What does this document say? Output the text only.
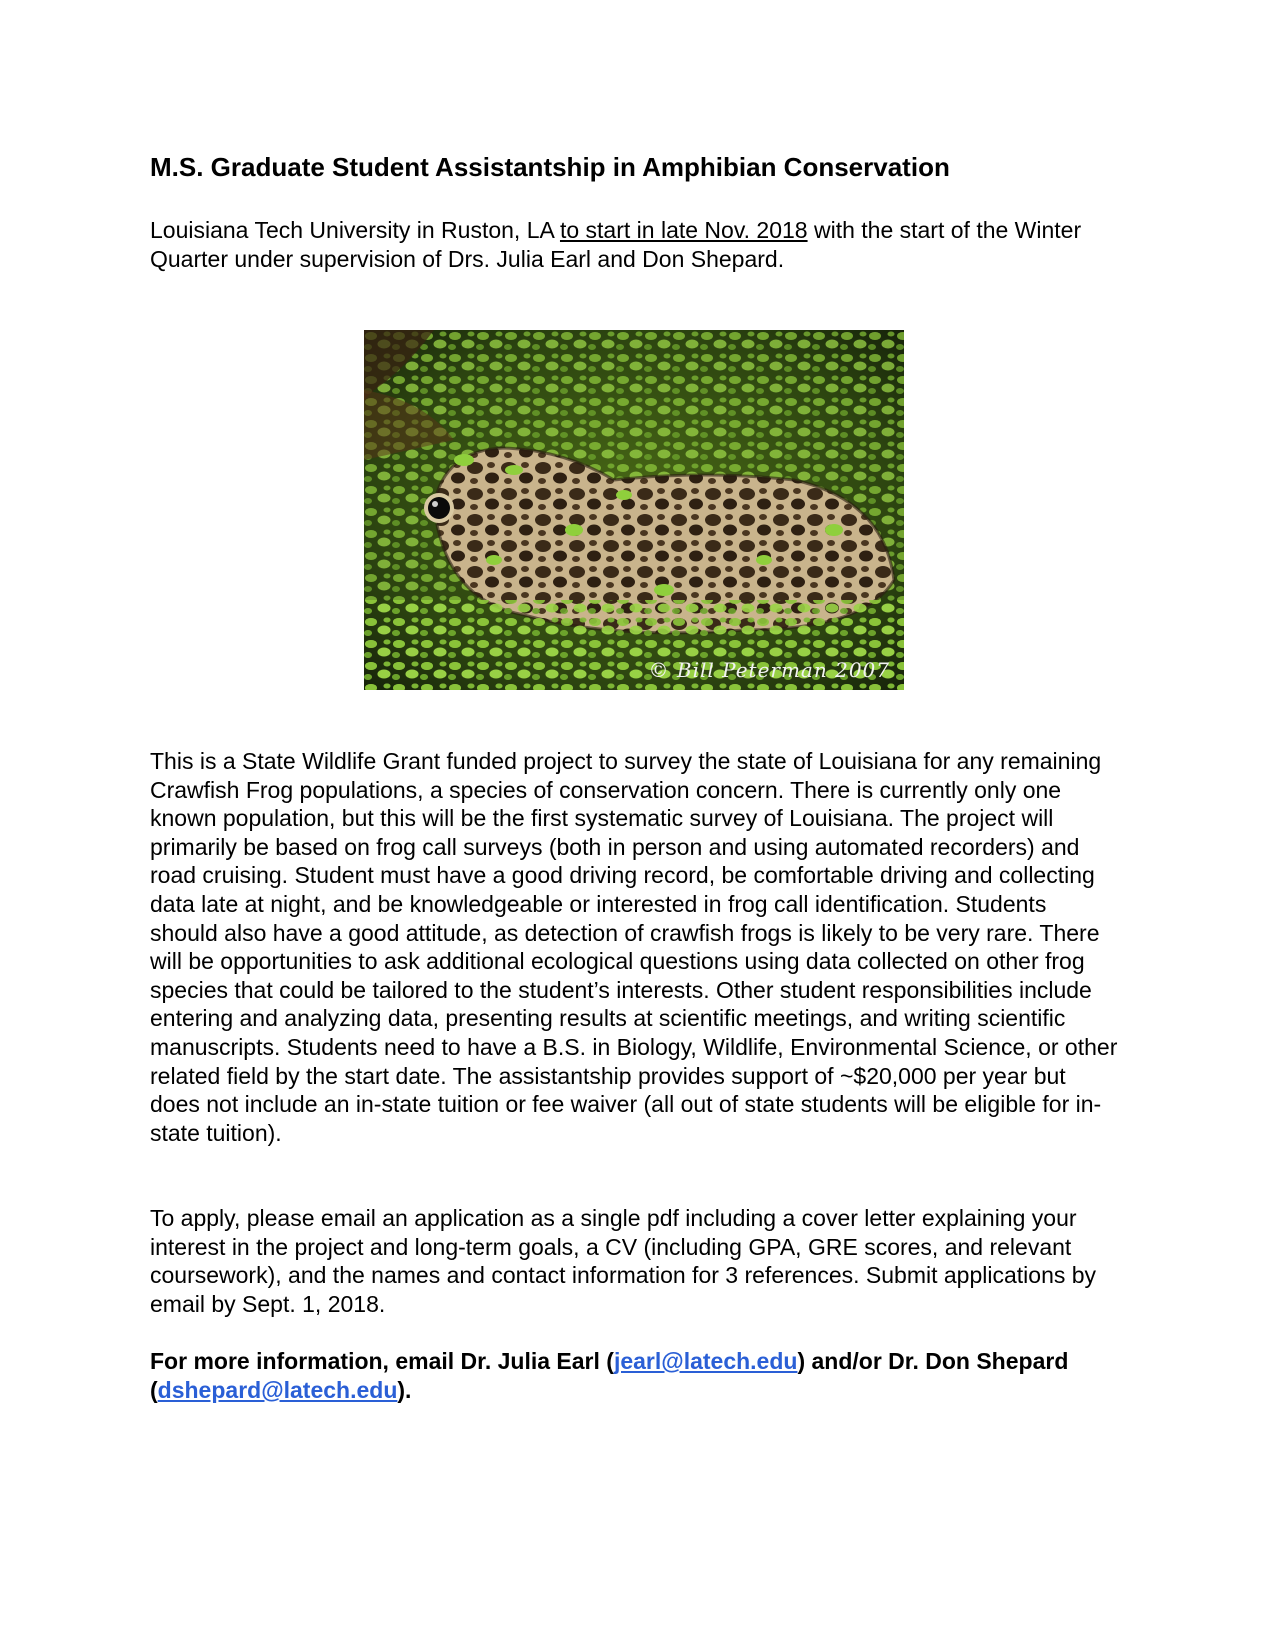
M.S. Graduate Student Assistantship in Amphibian Conservation

Louisiana Tech University in Ruston, LA to start in late Nov. 2018 with the start of the Winter Quarter under supervision of Drs. Julia Earl and Don Shepard.

© Bill Peterman 2007

This is a State Wildlife Grant funded project to survey the state of Louisiana for any remaining Crawfish Frog populations, a species of conservation concern. There is currently only one known population, but this will be the first systematic survey of Louisiana. The project will primarily be based on frog call surveys (both in person and using automated recorders) and road cruising. Student must have a good driving record, be comfortable driving and collecting data late at night, and be knowledgeable or interested in frog call identification. Students should also have a good attitude, as detection of crawfish frogs is likely to be very rare. There will be opportunities to ask additional ecological questions using data collected on other frog species that could be tailored to the student’s interests. Other student responsibilities include entering and analyzing data, presenting results at scientific meetings, and writing scientific manuscripts. Students need to have a B.S. in Biology, Wildlife, Environmental Science, or other related field by the start date. The assistantship provides support of ~$20,000 per year but does not include an in-state tuition or fee waiver (all out of state students will be eligible for in-state tuition).

To apply, please email an application as a single pdf including a cover letter explaining your interest in the project and long-term goals, a CV (including GPA, GRE scores, and relevant coursework), and the names and contact information for 3 references. Submit applications by email by Sept. 1, 2018.

For more information, email Dr. Julia Earl (jearl@latech.edu) and/or Dr. Don Shepard (dshepard@latech.edu).
